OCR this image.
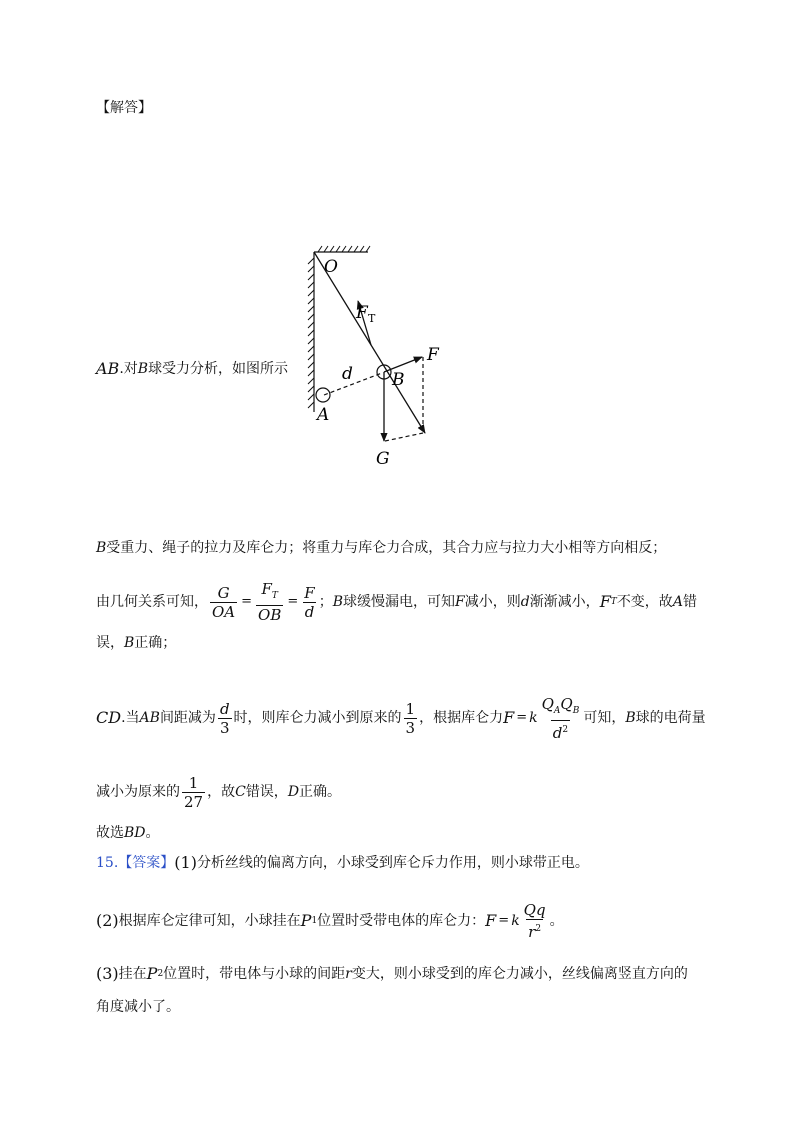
【解答】
O
F T
F
B
d
A
G
AB .对 B 球受力分析，如图所示
B 受重力、绳子的拉力及库仑力；将重力与库仑力合成，其合力应与拉力大小相等方向相反；
由几何关系可知， $\frac{G}{OA} = \frac{F_T}{OB} = \frac{F}{d}$ ； B 球缓慢漏电，可知 F 减小，则 d 渐渐减小， F T 不变，故 A 错
误， B 正确；
CD .当 AB 间距减为 $\frac{d}{3}$ 时，则库仑力减小到原来的 $\frac{1}{3}$ ，根据库仑力 F = k $\frac{Q_AQ_B}{d^2}$ 可知， B 球的电荷量
减小为原来的 $\frac{1}{27}$ ，故 C 错误， D 正确。
故选 BD 。
15. 【答案】 (1) 分析丝线的偏离方向，小球受到库仑斥力作用，则小球带正电。
(2) 根据库仑定律可知，小球挂在 P 1 位置时受带电体的库仑力： F = k $\frac{Qq}{r^2}$ 。
(3) 挂在 P 2 位置时，带电体与小球的间距 r 变大，则小球受到的库仑力减小，丝线偏离竖直方向的
角度减小了。
